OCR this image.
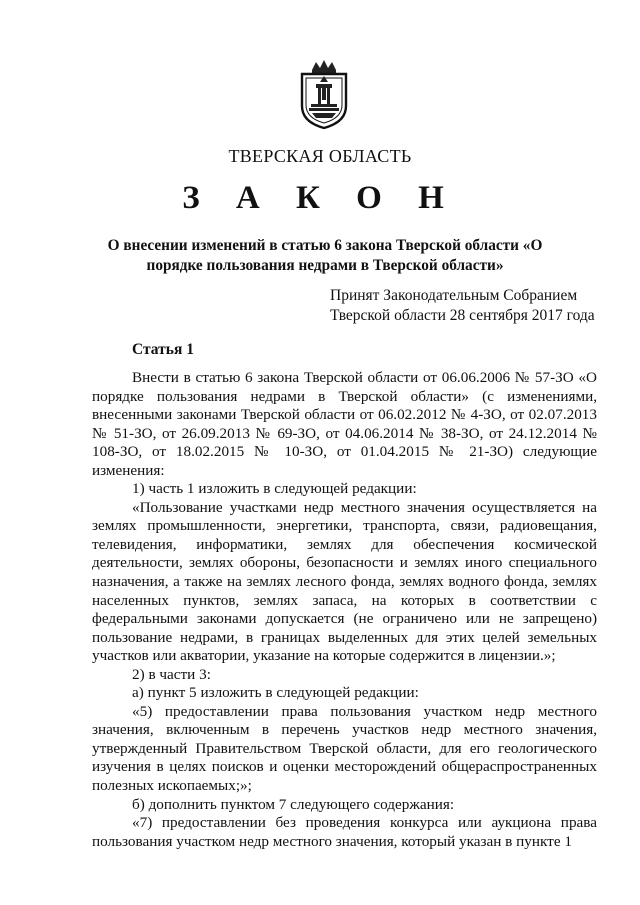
ТВЕРСКАЯ ОБЛАСТЬ
З А К О Н
О внесении изменений в статью 6 закона Тверской области «О порядке пользования недрами в Тверской области»
Принят Законодательным Собранием
Тверской области 28 сентября 2017 года
Статья 1

Внести в статью 6 закона Тверской области от 06.06.2006 № 57-ЗО «О порядке пользования недрами в Тверской области» (с изменениями, внесенными законами Тверской области от 06.02.2012 № 4-ЗО, от 02.07.2013 № 51-ЗО, от 26.09.2013 № 69-ЗО, от 04.06.2014 № 38-ЗО, от 24.12.2014 № 108-ЗО, от 18.02.2015 № 10-ЗО, от 01.04.2015 № 21-ЗО) следующие изменения:

1) часть 1 изложить в следующей редакции:

«Пользование участками недр местного значения осуществляется на землях промышленности, энергетики, транспорта, связи, радиовещания, телевидения, информатики, землях для обеспечения космической деятельности, землях обороны, безопасности и землях иного специального назначения, а также на землях лесного фонда, землях водного фонда, землях населенных пунктов, землях запаса, на которых в соответствии с федеральными законами допускается (не ограничено или не запрещено) пользование недрами, в границах выделенных для этих целей земельных участков или акватории, указание на которые содержится в лицензии.»;

2) в части 3:

а) пункт 5 изложить в следующей редакции:

«5) предоставлении права пользования участком недр местного значения, включенным в перечень участков недр местного значения, утвержденный Правительством Тверской области, для его геологического изучения в целях поисков и оценки месторождений общераспространенных полезных ископаемых;»;

б) дополнить пунктом 7 следующего содержания:

«7) предоставлении без проведения конкурса или аукциона права пользования участком недр местного значения, который указан в пункте 1
